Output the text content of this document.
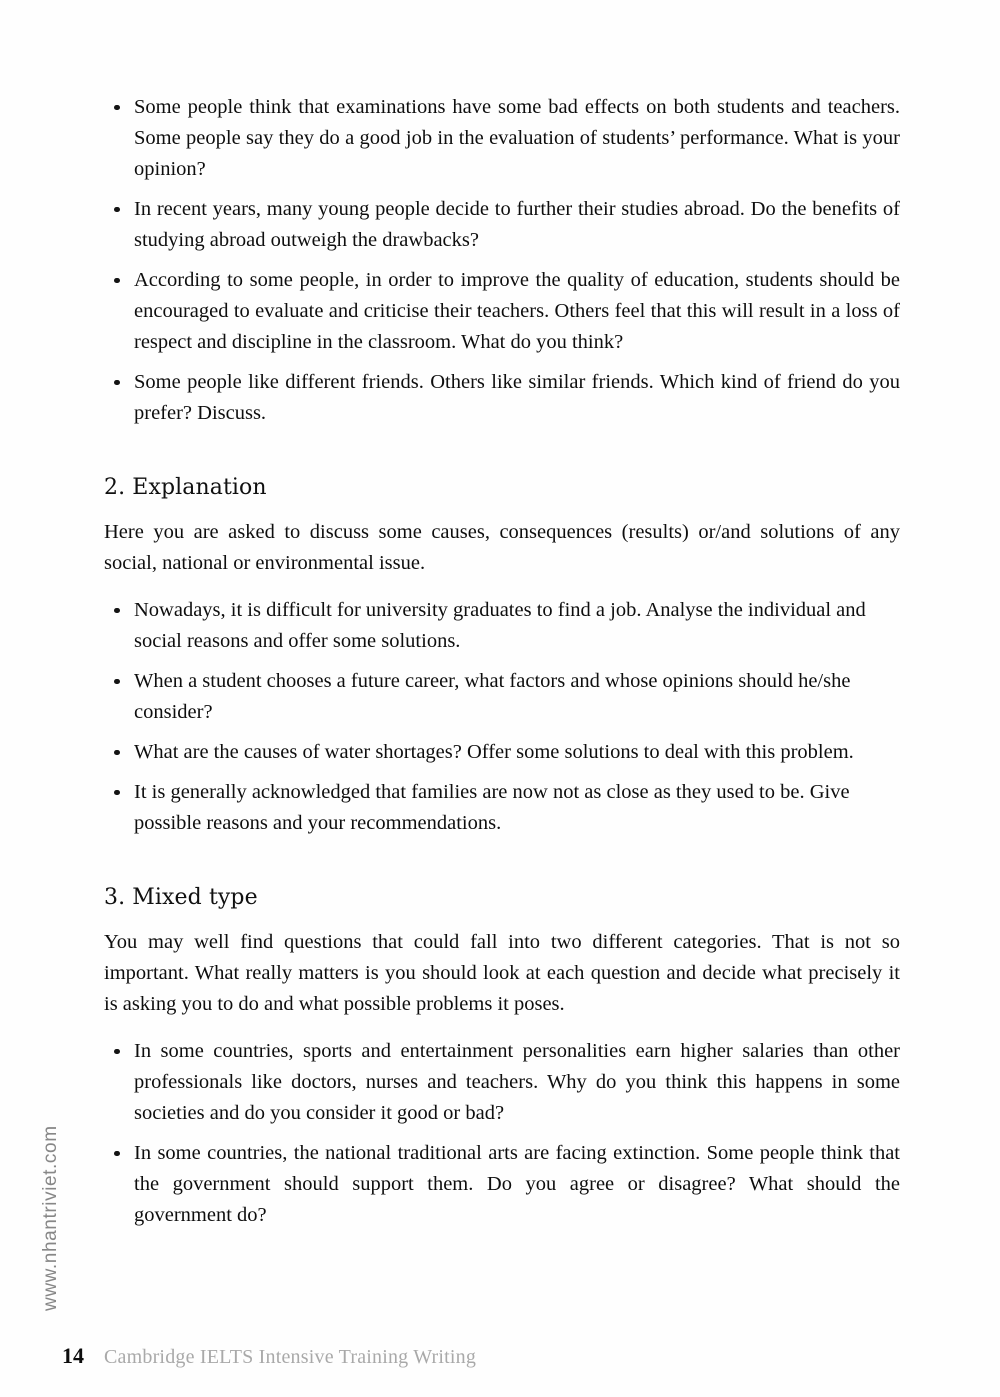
www.nhantriviet.com
Some people think that examinations have some bad effects on both students and teachers. Some people say they do a good job in the evaluation of students’ performance. What is your opinion?
In recent years, many young people decide to further their studies abroad. Do the benefits of studying abroad outweigh the drawbacks?
According to some people, in order to improve the quality of education, students should be encouraged to evaluate and criticise their teachers. Others feel that this will result in a loss of respect and discipline in the classroom. What do you think?
Some people like different friends. Others like similar friends. Which kind of friend do you prefer? Discuss.
2. Explanation

Here you are asked to discuss some causes, consequences (results) or/and solutions of any social, national or environmental issue.

Nowadays, it is difficult for university graduates to find a job. Analyse the individual and social reasons and offer some solutions.
When a student chooses a future career, what factors and whose opinions should he/she consider?
What are the causes of water shortages? Offer some solutions to deal with this problem.
It is generally acknowledged that families are now not as close as they used to be. Give possible reasons and your recommendations.
3. Mixed type

You may well find questions that could fall into two different categories. That is not so important. What really matters is you should look at each question and decide what precisely it is asking you to do and what possible problems it poses.

In some countries, sports and entertainment personalities earn higher salaries than other professionals like doctors, nurses and teachers. Why do you think this happens in some societies and do you consider it good or bad?
In some countries, the national traditional arts are facing extinction. Some people think that the government should support them. Do you agree or disagree? What should the government do?
14 Cambridge IELTS Intensive Training Writing
